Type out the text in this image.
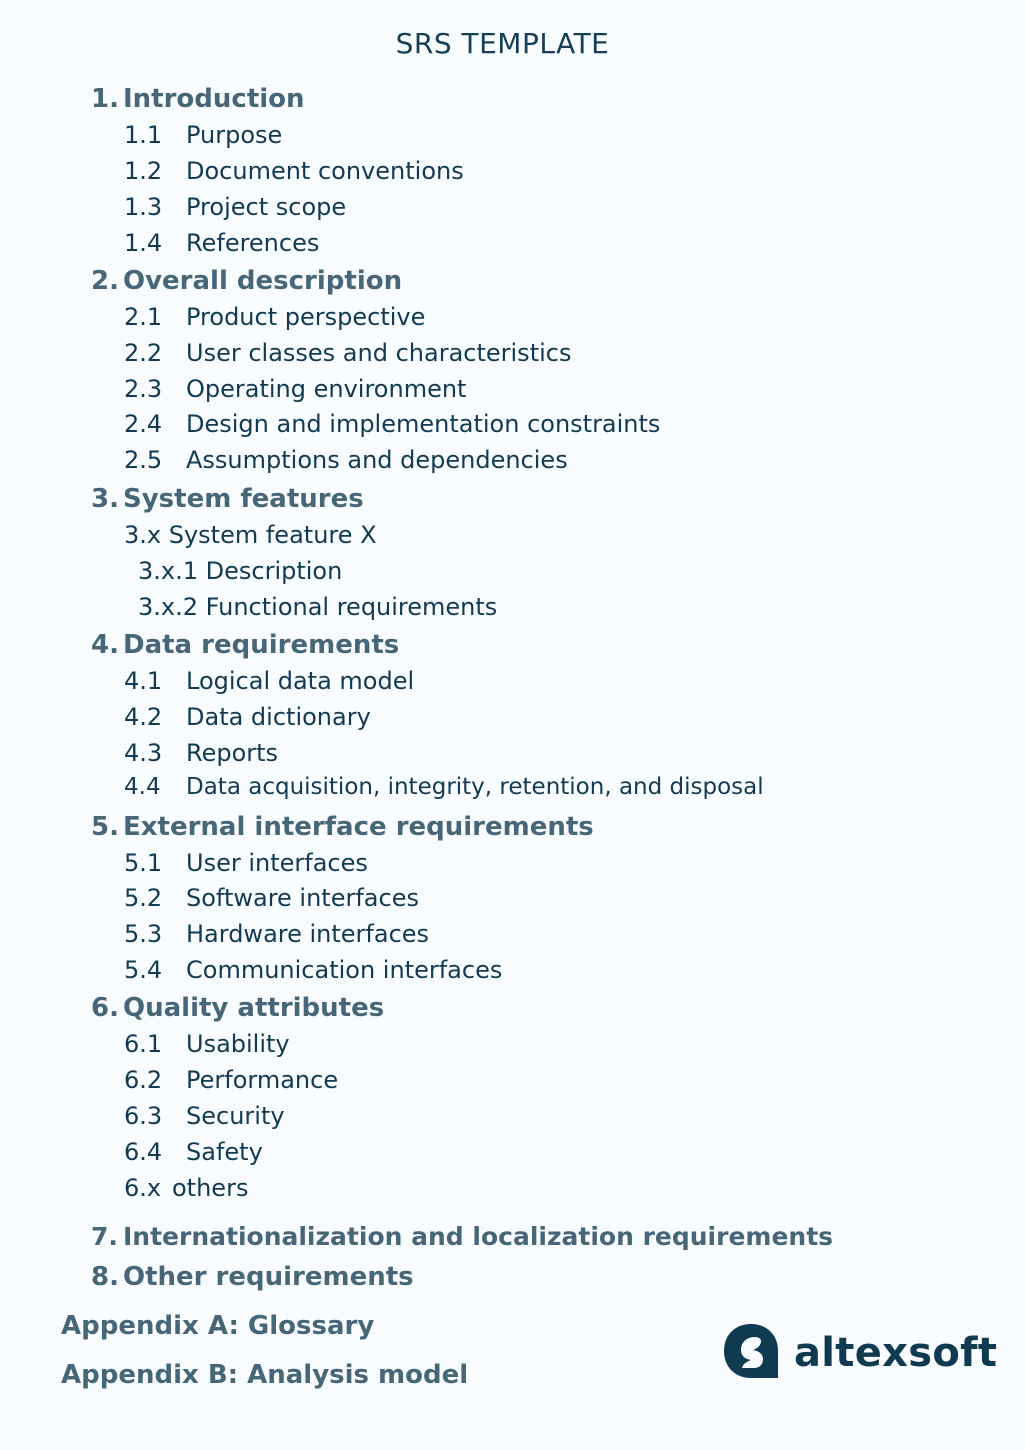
SRS TEMPLATE
1. Introduction
1.1 Purpose
1.2 Document conventions
1.3 Project scope
1.4 References
2. Overall description
2.1 Product perspective
2.2 User classes and characteristics
2.3 Operating environment
2.4 Design and implementation constraints
2.5 Assumptions and dependencies
3. System features
3.x System feature X
3.x.1 Description
3.x.2 Functional requirements
4. Data requirements
4.1 Logical data model
4.2 Data dictionary
4.3 Reports
4.4 Data acquisition, integrity, retention, and disposal
5. External interface requirements
5.1 User interfaces
5.2 Software interfaces
5.3 Hardware interfaces
5.4 Communication interfaces
6. Quality attributes
6.1 Usability
6.2 Performance
6.3 Security
6.4 Safety
6.x others
7. Internationalization and localization requirements
8. Other requirements
Appendix A: Glossary
Appendix B: Analysis model	altexsoft
